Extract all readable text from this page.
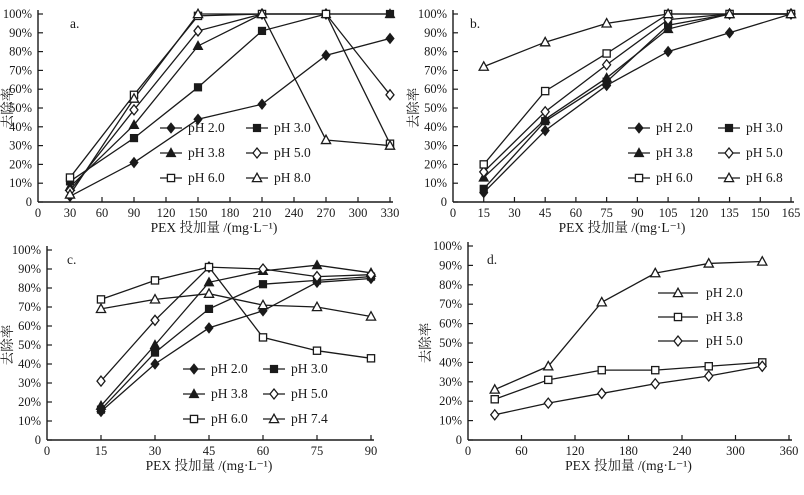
0
10%
20%
30%
40%
50%
60%
70%
80%
90%
100%
0 30 60 90 120 150 180 210 240 270 300 330
PEX 投加量 /(mg·L⁻¹)
去除率
a.
pH 2.0	pH 3.0
pH 3.8	pH 5.0
pH 6.0	pH 8.0
0
10%
20%
30%
40%
50%
60%
70%
80%
90%
100%
0 15 30 45 60 75 90 105 120 135 150 165
PEX 投加量 /(mg·L⁻¹)
去除率
b.
pH 2.0	pH 3.0
pH 3.8	pH 5.0
pH 6.0	pH 6.8
0
10%
20%
30%
40%
50%
60%
70%
80%
90%
100%
0	15	30	45	60	75	90
PEX 投加量 /(mg·L⁻¹)
去除率
c.
pH 2.0	pH 3.0
pH 3.8	pH 5.0
pH 6.0	pH 7.4
0
10%
20%
30%
40%
50%
60%
70%
80%
90%
100%
0	60	120	180	240	300	360
PEX 投加量 /(mg·L⁻¹)
去除率
d.
pH 2.0
pH 3.8
pH 5.0
